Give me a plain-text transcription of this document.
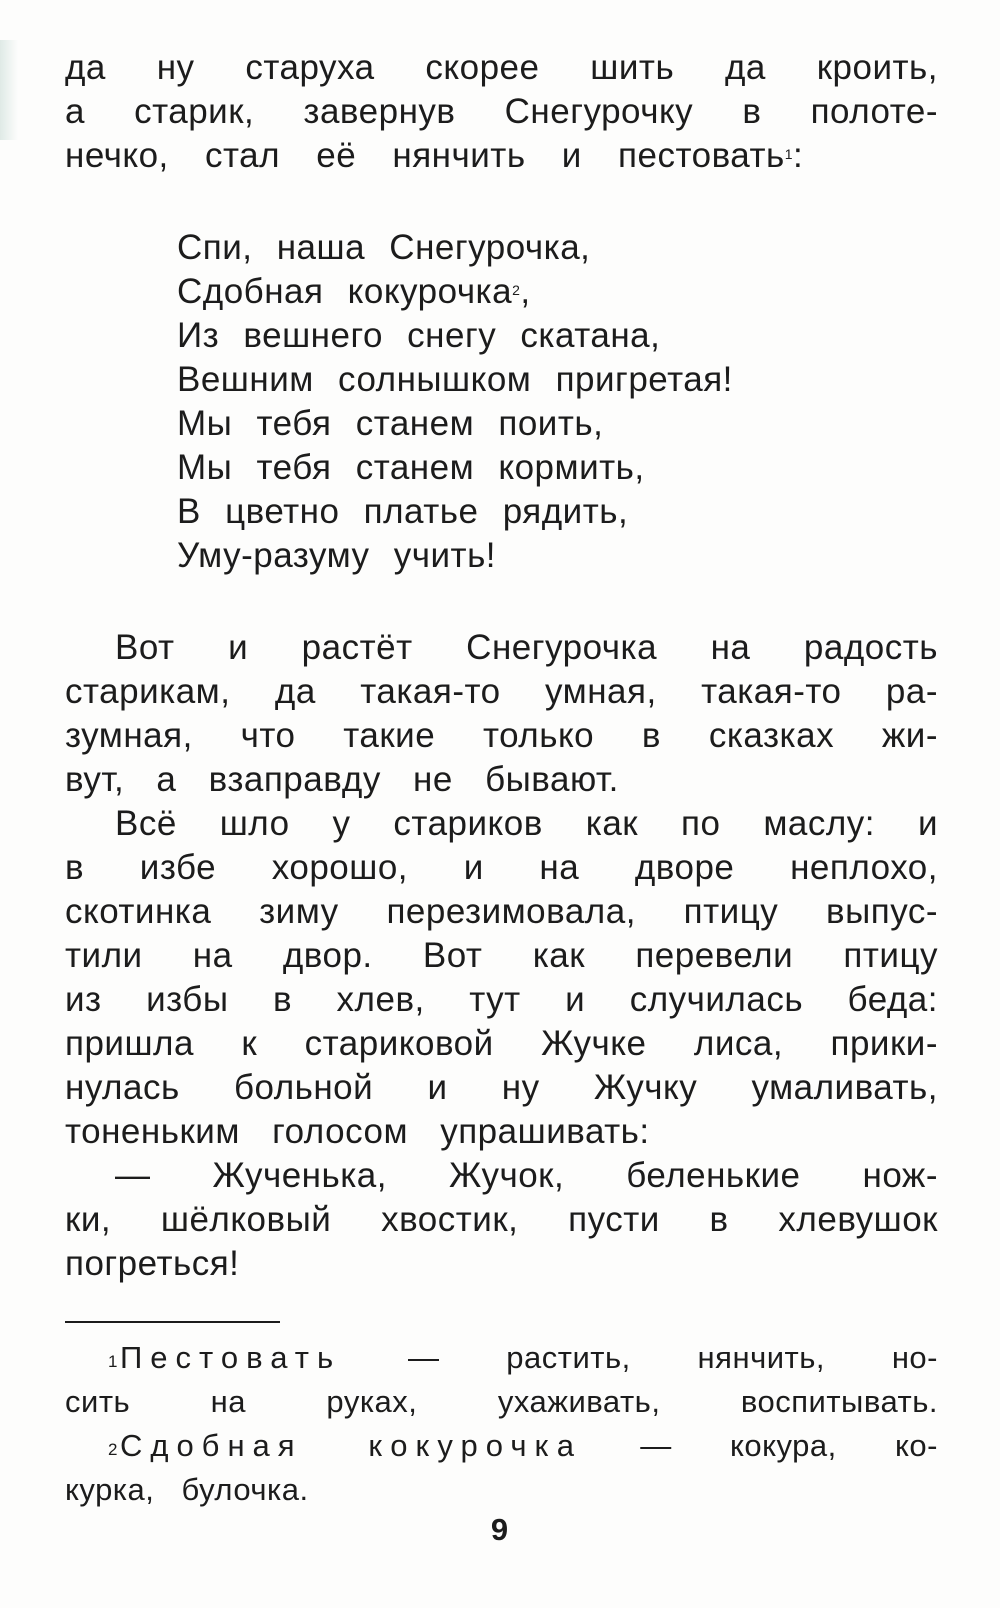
да ну старуха скорее шить да кроить,
а старик, завернув Снегурочку в полоте-
нечко, стал её нянчить и пестовать$^1$:
Спи, наша Снегурочка,
Сдобная кокурочка$^2$,
Из вешнего снегу скатана,
Вешним солнышком пригретая!
Мы тебя станем поить,
Мы тебя станем кормить,
В цветно платье рядить,
Уму-разуму учить!
Вот и растёт Снегурочка на радость
старикам, да такая-то умная, такая-то ра-
зумная, что такие только в сказках жи-
вут, а взаправду не бывают.
Всё шло у стариков как по маслу: и
в избе хорошо, и на дворе неплохо,
скотинка зиму перезимовала, птицу выпус-
тили на двор. Вот как перевели птицу
из избы в хлев, тут и случилась беда:
пришла к стариковой Жучке лиса, прики-
нулась больной и ну Жучку умаливать,
тоненьким голосом упрашивать:
— Жученька, Жучок, беленькие нож-
ки, шёлковый хвостик, пусти в хлевушок
погреться!
$^1$Пестовать — растить, нянчить, но-
сить на руках, ухаживать, воспитывать.
$^2$Сдобная кокурочка — кокура, ко-
курка, булочка.
9
